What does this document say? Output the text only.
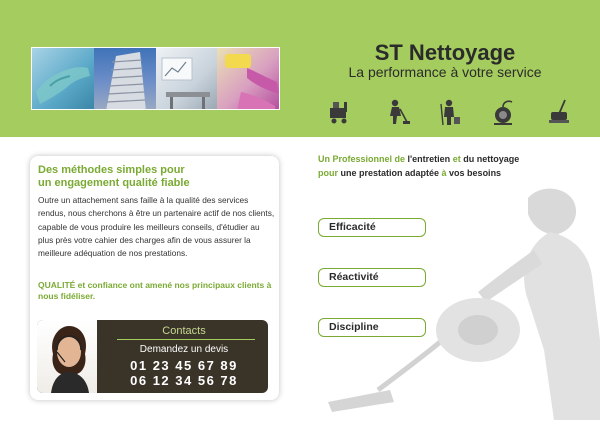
ST Nettoyage
La performance à votre service
Un Professionnel de l'entretien et du nettoyage
pour une prestation adaptée à vos besoins
Efficacité
Réactivité
Discipline
Des méthodes simples pour
un engagement qualité fiable
Outre un attachement sans faille à la qualité des services rendus, nous cherchons à être un partenaire actif de nos clients, capable de vous produire les meilleurs conseils, d'étudier au plus près votre cahier des charges afin de vous assurer la meilleure adéquation de nos prestations.
QUALITÉ et confiance ont amené nos principaux clients à nous fidéliser.
Contacts
Demandez un devis
01 23 45 67 89
06 12 34 56 78
